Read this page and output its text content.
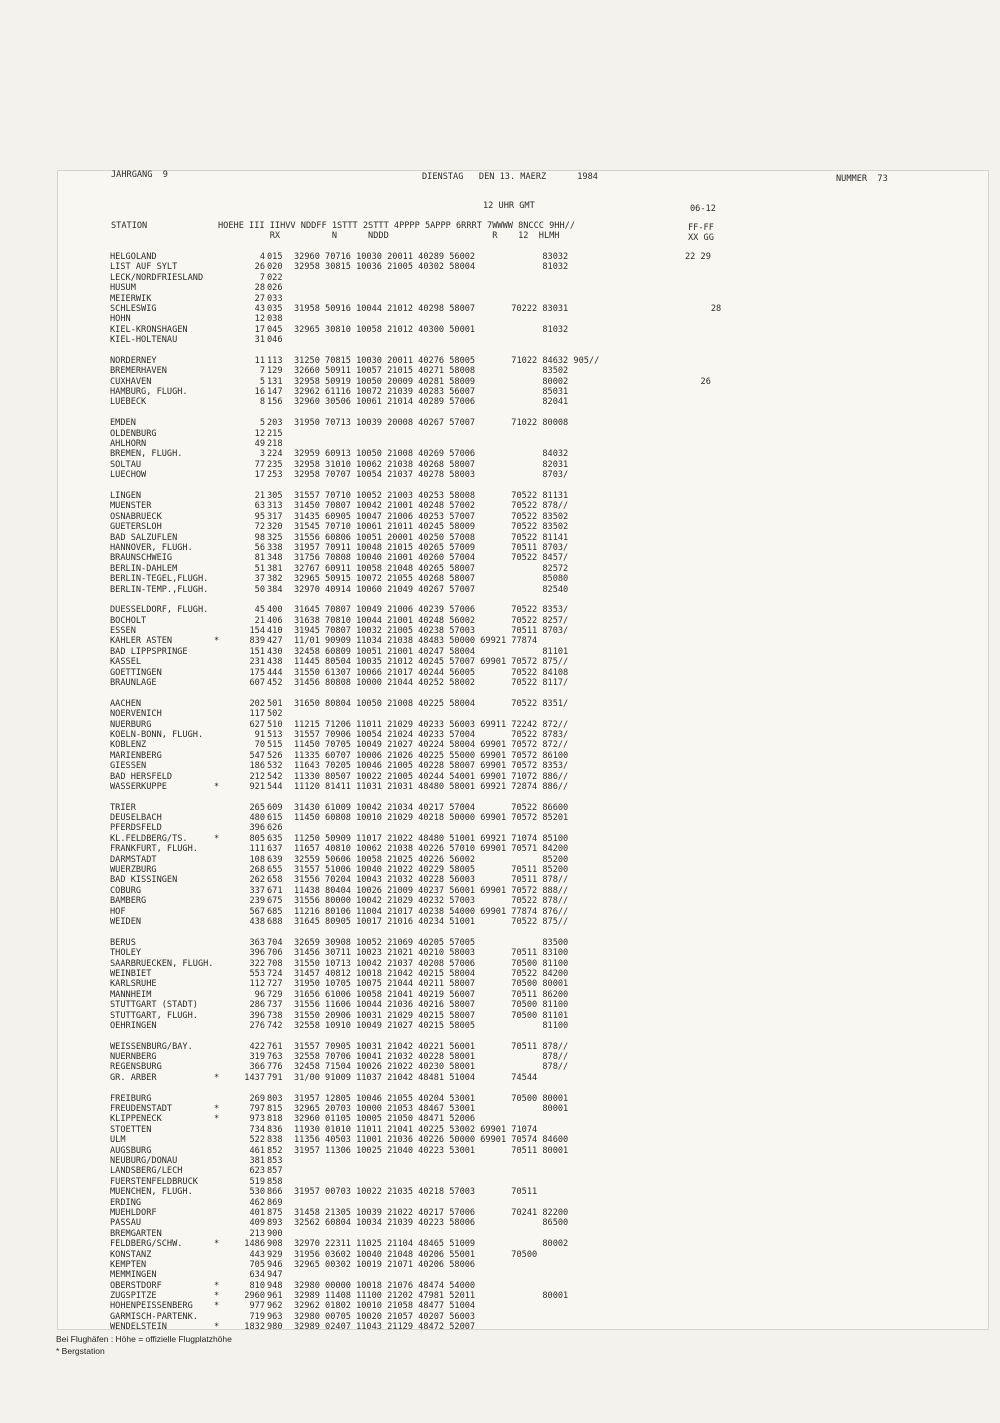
JAHRGANG  9	DIENSTAG   DEN 13. MAERZ      1984	NUMMER  73
12 UHR GMT	06-12
STATION	HOEHE III IIHVV NDDFF 1STTT 2STTT 4PPPP 5APPP 6RRRT 7WWWW 8NCCC 9HH//
RX          N      NDDD                    R    12  HLMH
FF-FF
XX GG
HELGOLAND	4 015 32960 70716 10030 20011 40289 56002             83032	22 29
LIST AUF SYLT	26 020 32958 30815 10036 21005 40302 58004             81032
LECK/NORDFRIESLAND	7 022
HUSUM	28 026
MEIERWIK	27 033
SCHLESWIG	43 035 31958 50916 10044 21012 40298 58007       70222 83031	28
HOHN	12 038
KIEL-KRONSHAGEN	17 045 32965 30810 10058 21012 40300 50001             81032
KIEL-HOLTENAU	31 046
NORDERNEY	11 113 31250 70815 10030 20011 40276 58005       71022 84632 905//
BREMERHAVEN	7 129 32660 50911 10057 21015 40271 58008             83502
CUXHAVEN	5 131 32958 50919 10050 20009 40281 58009             80002	26
HAMBURG, FLUGH.	16 147 32962 61116 10072 21039 40283 56007             85031
LUEBECK	8 156 32960 30506 10061 21014 40289 57006             82041
EMDEN	5 203 31950 70713 10039 20008 40267 57007       71022 80008
OLDENBURG	12 215
AHLHORN	49 218
BREMEN, FLUGH.	3 224 32959 60913 10050 21008 40269 57006             84032
SOLTAU	77 235 32958 31010 10062 21038 40268 58007             82031
LUECHOW	17 253 32958 70707 10054 21037 40278 58003             8703/
LINGEN	21 305 31557 70710 10052 21003 40253 58008       70522 81131
MUENSTER	63 313 31450 70807 10042 21001 40248 57002       70522 878//
OSNABRUECK	95 317 31435 60905 10047 21006 40253 57007       70522 83502
GUETERSLOH	72 320 31545 70710 10061 21011 40245 58009       70522 83502
BAD SALZUFLEN	98 325 31556 60806 10051 20001 40250 57008       70522 81141
HANNOVER, FLUGH.	56 338 31957 70911 10048 21015 40265 57009       70511 8703/
BRAUNSCHWEIG	81 348 31756 70808 10040 21001 40260 57004       70522 8457/
BERLIN-DAHLEM	51 381 32767 60911 10058 21048 40265 58007             82572
BERLIN-TEGEL,FLUGH.	37 382 32965 50915 10072 21055 40268 58007             85080
BERLIN-TEMP.,FLUGH.	50 384 32970 40914 10060 21049 40267 57007             82540
DUESSELDORF, FLUGH.	45 400 31645 70807 10049 21006 40239 57006       70522 8353/
BOCHOLT	21 406 31638 70810 10044 21001 40248 56002       70522 8257/
ESSEN	154 410 31945 70807 10032 21005 40238 57003       70511 8703/
KAHLER ASTEN	*	839 427 11/01 90909 11034 21038 48483 50000 69921 77874
BAD LIPPSPRINGE	151 430 32458 60809 10051 21001 40247 58004             81101
KASSEL	231 438 11445 80504 10035 21012 40245 57007 69901 70572 875//
GOETTINGEN	175 444 31550 61307 10066 21017 40244 56005       70522 84108
BRAUNLAGE	607 452 31456 80808 10000 21044 40252 58002       70522 8117/
AACHEN	202 501 31650 80804 10050 21008 40225 58004       70522 8351/
NOERVENICH	117 502
NUERBURG	627 510 11215 71206 11011 21029 40233 56003 69911 72242 872//
KOELN-BONN, FLUGH.	91 513 31557 70906 10054 21024 40233 57004       70522 8783/
KOBLENZ	70 515 11450 70705 10049 21027 40224 58004 69901 70572 872//
MARIENBERG	547 526 11335 60707 10006 21026 40225 55000 69901 70572 86100
GIESSEN	186 532 11643 70205 10046 21005 40228 58007 69901 70572 8353/
BAD HERSFELD	212 542 11330 80507 10022 21005 40244 54001 69901 71072 886//
WASSERKUPPE	*	921 544 11120 81411 11031 21031 48480 58001 69921 72874 886//
TRIER	265 609 31430 61009 10042 21034 40217 57004       70522 86600
DEUSELBACH	480 615 11450 60808 10010 21029 40218 50000 69901 70572 85201
PFERDSFELD	396 626
KL.FELDBERG/TS.	*	805 635 11250 50909 11017 21022 48480 51001 69921 71074 85100
FRANKFURT, FLUGH.	111 637 11657 40810 10062 21038 40226 57010 69901 70571 84200
DARMSTADT	108 639 32559 50606 10058 21025 40226 56002             85200
WUERZBURG	268 655 31557 51006 10040 21022 40229 58005       70511 85200
BAD KISSINGEN	262 658 31556 70204 10043 21032 40228 56003       70511 878//
COBURG	337 671 11438 80404 10026 21009 40237 56001 69901 70572 888//
BAMBERG	239 675 31556 80000 10042 21029 40232 57003       70522 878//
HOF	567 685 11216 80106 11004 21017 40238 54000 69901 77874 876//
WEIDEN	438 688 31645 80905 10017 21016 40234 51001       70522 875//
BERUS	363 704 32659 30908 10052 21069 40205 57005             83500
THOLEY	396 706 31456 30711 10023 21021 40210 58003       70511 83100
SAARBRUECKEN, FLUGH.	322 708 31550 10713 10042 21037 40208 57006       70500 81100
WEINBIET	553 724 31457 40812 10018 21042 40215 58004       70522 84200
KARLSRUHE	112 727 31950 10705 10075 21044 40211 58007       70500 80001
MANNHEIM	96 729 31656 61006 10058 21041 40219 56007       70511 86200
STUTTGART (STADT)	286 737 31556 11606 10044 21036 40216 58007       70500 81100
STUTTGART, FLUGH.	396 738 31550 20906 10031 21029 40215 58007       70500 81101
OEHRINGEN	276 742 32558 10910 10049 21027 40215 58005             81100
WEISSENBURG/BAY.	422 761 31557 70905 10031 21042 40221 56001       70511 878//
NUERNBERG	319 763 32558 70706 10041 21032 40228 58001             878//
REGENSBURG	366 776 32458 71504 10026 21022 40230 58001             878//
GR. ARBER	*	1437 791 31/00 91009 11037 21042 48481 51004       74544
FREIBURG	269 803 31957 12805 10046 21055 40204 53001       70500 80001
FREUDENSTADT	*	797 815 32965 20703 10000 21053 48467 53001             80001
KLIPPENECK	*	973 818 32960 01105 10005 21050 48471 52006
STOETTEN	734 836 11930 01010 11011 21041 40225 53002 69901 71074
ULM	522 838 11356 40503 11001 21036 40226 50000 69901 70574 84600
AUGSBURG	461 852 31957 11306 10025 21040 40223 53001       70511 80001
NEUBURG/DONAU	381 853
LANDSBERG/LECH	623 857
FUERSTENFELDBRUCK	519 858
MUENCHEN, FLUGH.	530 866 31957 00703 10022 21035 40218 57003       70511
ERDING	462 869
MUEHLDORF	401 875 31458 21305 10039 21022 40217 57006       70241 82200
PASSAU	409 893 32562 60804 10034 21039 40223 58006             86500
BREMGARTEN	213 900
FELDBERG/SCHW.	*	1486 908 32970 22311 11025 21104 48465 51009             80002
KONSTANZ	443 929 31956 03602 10040 21048 40206 55001       70500
KEMPTEN	705 946 32965 00302 10019 21071 40206 58006
MEMMINGEN	634 947
OBERSTDORF	*	810 948 32980 00000 10018 21076 48474 54000
ZUGSPITZE	*	2960 961 32989 11408 11100 21202 47981 52011             80001
HOHENPEISSENBERG *	977 962 32962 01802 10010 21058 48477 51004
GARMISCH-PARTENK.	719 963 32980 00705 10020 21057 40207 56003
WENDELSTEIN	*	1832 980 32989 02407 11043 21129 48472 52007
Bei Flughäfen : Höhe = offizielle Flugplatzhöhe
* Bergstation
